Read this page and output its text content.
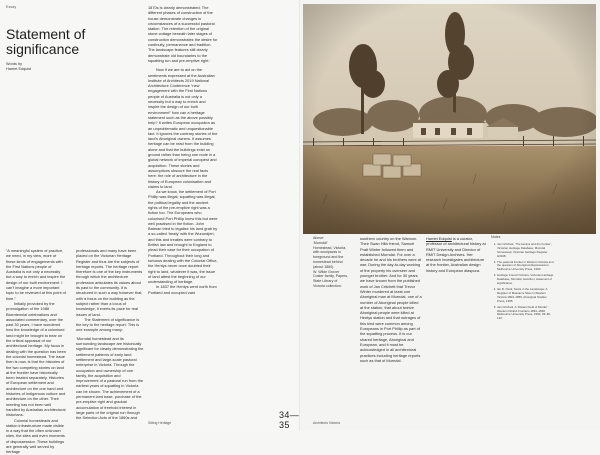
Essay
Statement of significance
Words by
Harriet Edquist

“A meaningful system of practice, we need, in my view, more of these kinds of engagements with the First Nations people of Australia is not only a necessity but a way to enrich and inspire the design of our built environment. I can’t imagine a more important topic to be reviewed at this point of time.”

Initially provoked by the promulgation of the 1988 Bicentennial celebrations and associated commentary, over the past 30 years, I have wondered how the knowledge of a colonised land might be brought to bear on the critical appraisal of our architectural heritage. My focus in dealing with the question has been the colonial homestead. The issue then is now, is that the histories of the two competing stories on land at the frontier have historically been treated separately. Histories of European settlement and architecture on the one hand and histories of Indigenous culture and architecture on the other. Their meeting has not been well handled by Australian architectural historians.

Colonial homesteads and station infrastructure made visible in a way that the often unknown sites, the sites and even moments of dispossession. These buildings are generally well served by heritage

professionals and many have been placed on the Victorian Heritage Register and thus are the subjects of heritage reports. The heritage report therefore is one of the key instruments through which the architecture profession articulates its values about its past to the community. It is structured in such a way however that, with a focus on the building as the subject rather than a locus of knowledge, it exerts its pace for real issues of land.

The Statement of significance is the key to the heritage report. This is one example among many:

‘Murndal homestead and its surrounding landscape are historically significant for clearly demonstrating the settlement patterns of early land settlement and large-scale pastoral enterprise in Victoria. Through the occupation and ownership of one family, the acquisition and improvement of a pastoral run from the earliest years of squatting in Victoria can be shown. The achievement of a permanent land base, purchase of the pre-emptive right and gradual accumulation of freehold interest in large parts of the original run through the Selection Acts of the 1860s and

1870s is clearly demonstrated. The different phases of construction of the house demonstrate changes in circumstances of a successful pastoral station. The retention of the original stone cottage beneath later stages of construction demonstrates the desire for continuity, permanence and tradition. The landscape features still clearly demonstrate old boundaries to the squatting run and pre-emptive right.’

Now if we are to act on the sentiments expressed at the Australian Institute of Architects 2019 National Architecture Conference “new engagement with the First Nations people of Australia is not only a necessity but a way to enrich and inspire the design of our built environment” how can a heritage statement such as the above possibly help? It writes European occupation as an unproblematic and unquestionable fact. It ignores the contrary stories of the land’s Aboriginal owners. It assumes heritage can be read from the building alone and that the buildings exist on ground rather than being one node in a global network of imperial conquest and acquisition. These stories and assumptions obscure the real facts here: the role of architecture in the history of European colonisation and claims to land.

As we know, the settlement of Port Phillip was illegal; squatting was illegal; the political legality and the ancient rights of the pre-emptive right was a fiction too. The Europeans who colonised Port Phillip knew this but were well practised in the fiction. John Batman tried to legalise his land grab by a so-called ‘treaty’ with the Wurundjeri, and this and treaties were contrary to British law and brought to England to plead their case for their occupation of Portland. Throughout their long and tortuous dealing with the Colonial Office, the Hentys never once doubted their right to land, whatever it was, the issue of land attest the beginning of our understanding of heritage.

In 1837 the Hentys went north from Portland and occupied vast

Sitting Heritage
34—35
Above:
‘Murndal’
Homestead, Victoria,
with woolpacks in
foreground and the
homestead behind
(about 1860).
W. Wilde Grover
Coster family, Papers,
State Library of
Victoria collection.

southern country on the Wannon. Their Swan Hills friend, Samuel Pratt Winter followed them and established Murndal. For over a decade he and his brothers were at war. During the day-to-day working of the property his overseer and younger brother. And for 30 years we have known from the published work of Jan Critchett that Trevor Winter murdered at least one Aboriginal man at Murndal, one of a number of Aboriginal people killed at the station, that about twelve Aboriginal people were killed at Hentys station and that outrages of this kind were common among Europeans in Port Phillip as part of the squatting process. It is our shared heritage, Aboriginal and European, and it must be acknowledged in all architectural practices including heritage reports such as that of Murndal.

Harriet Edquist is a curator, professor of architectural history at RMIT University and Director of RMIT Design Archives. Her research investigates architecture at the frontier, Australian design history and European diaspora.

Notes
1. Jan Critchett, ‘The Hentys and the frontier’, Victorian Heritage Database, Murndal homestead, Victorian Heritage Register H0348.
2. The pastoral frontier in Western Victoria and the question of Aboriginal dispossession, Melbourne University Press, 1990.
3. Heritage Council Victoria, Victorian Heritage Database, Murndal, Hamilton; statement of significance.
4. Ian D. Clark, Scars in the Landscape: A Register of Massacre Sites in Western Victoria 1803–1859, Aboriginal Studies Press, 1995.
5. Jan Critchett, A ‘Distant Field of Murder’: Western District Frontiers 1834–1848, Melbourne University Press, 1990, 93–96, 132.
Architects Victoria
